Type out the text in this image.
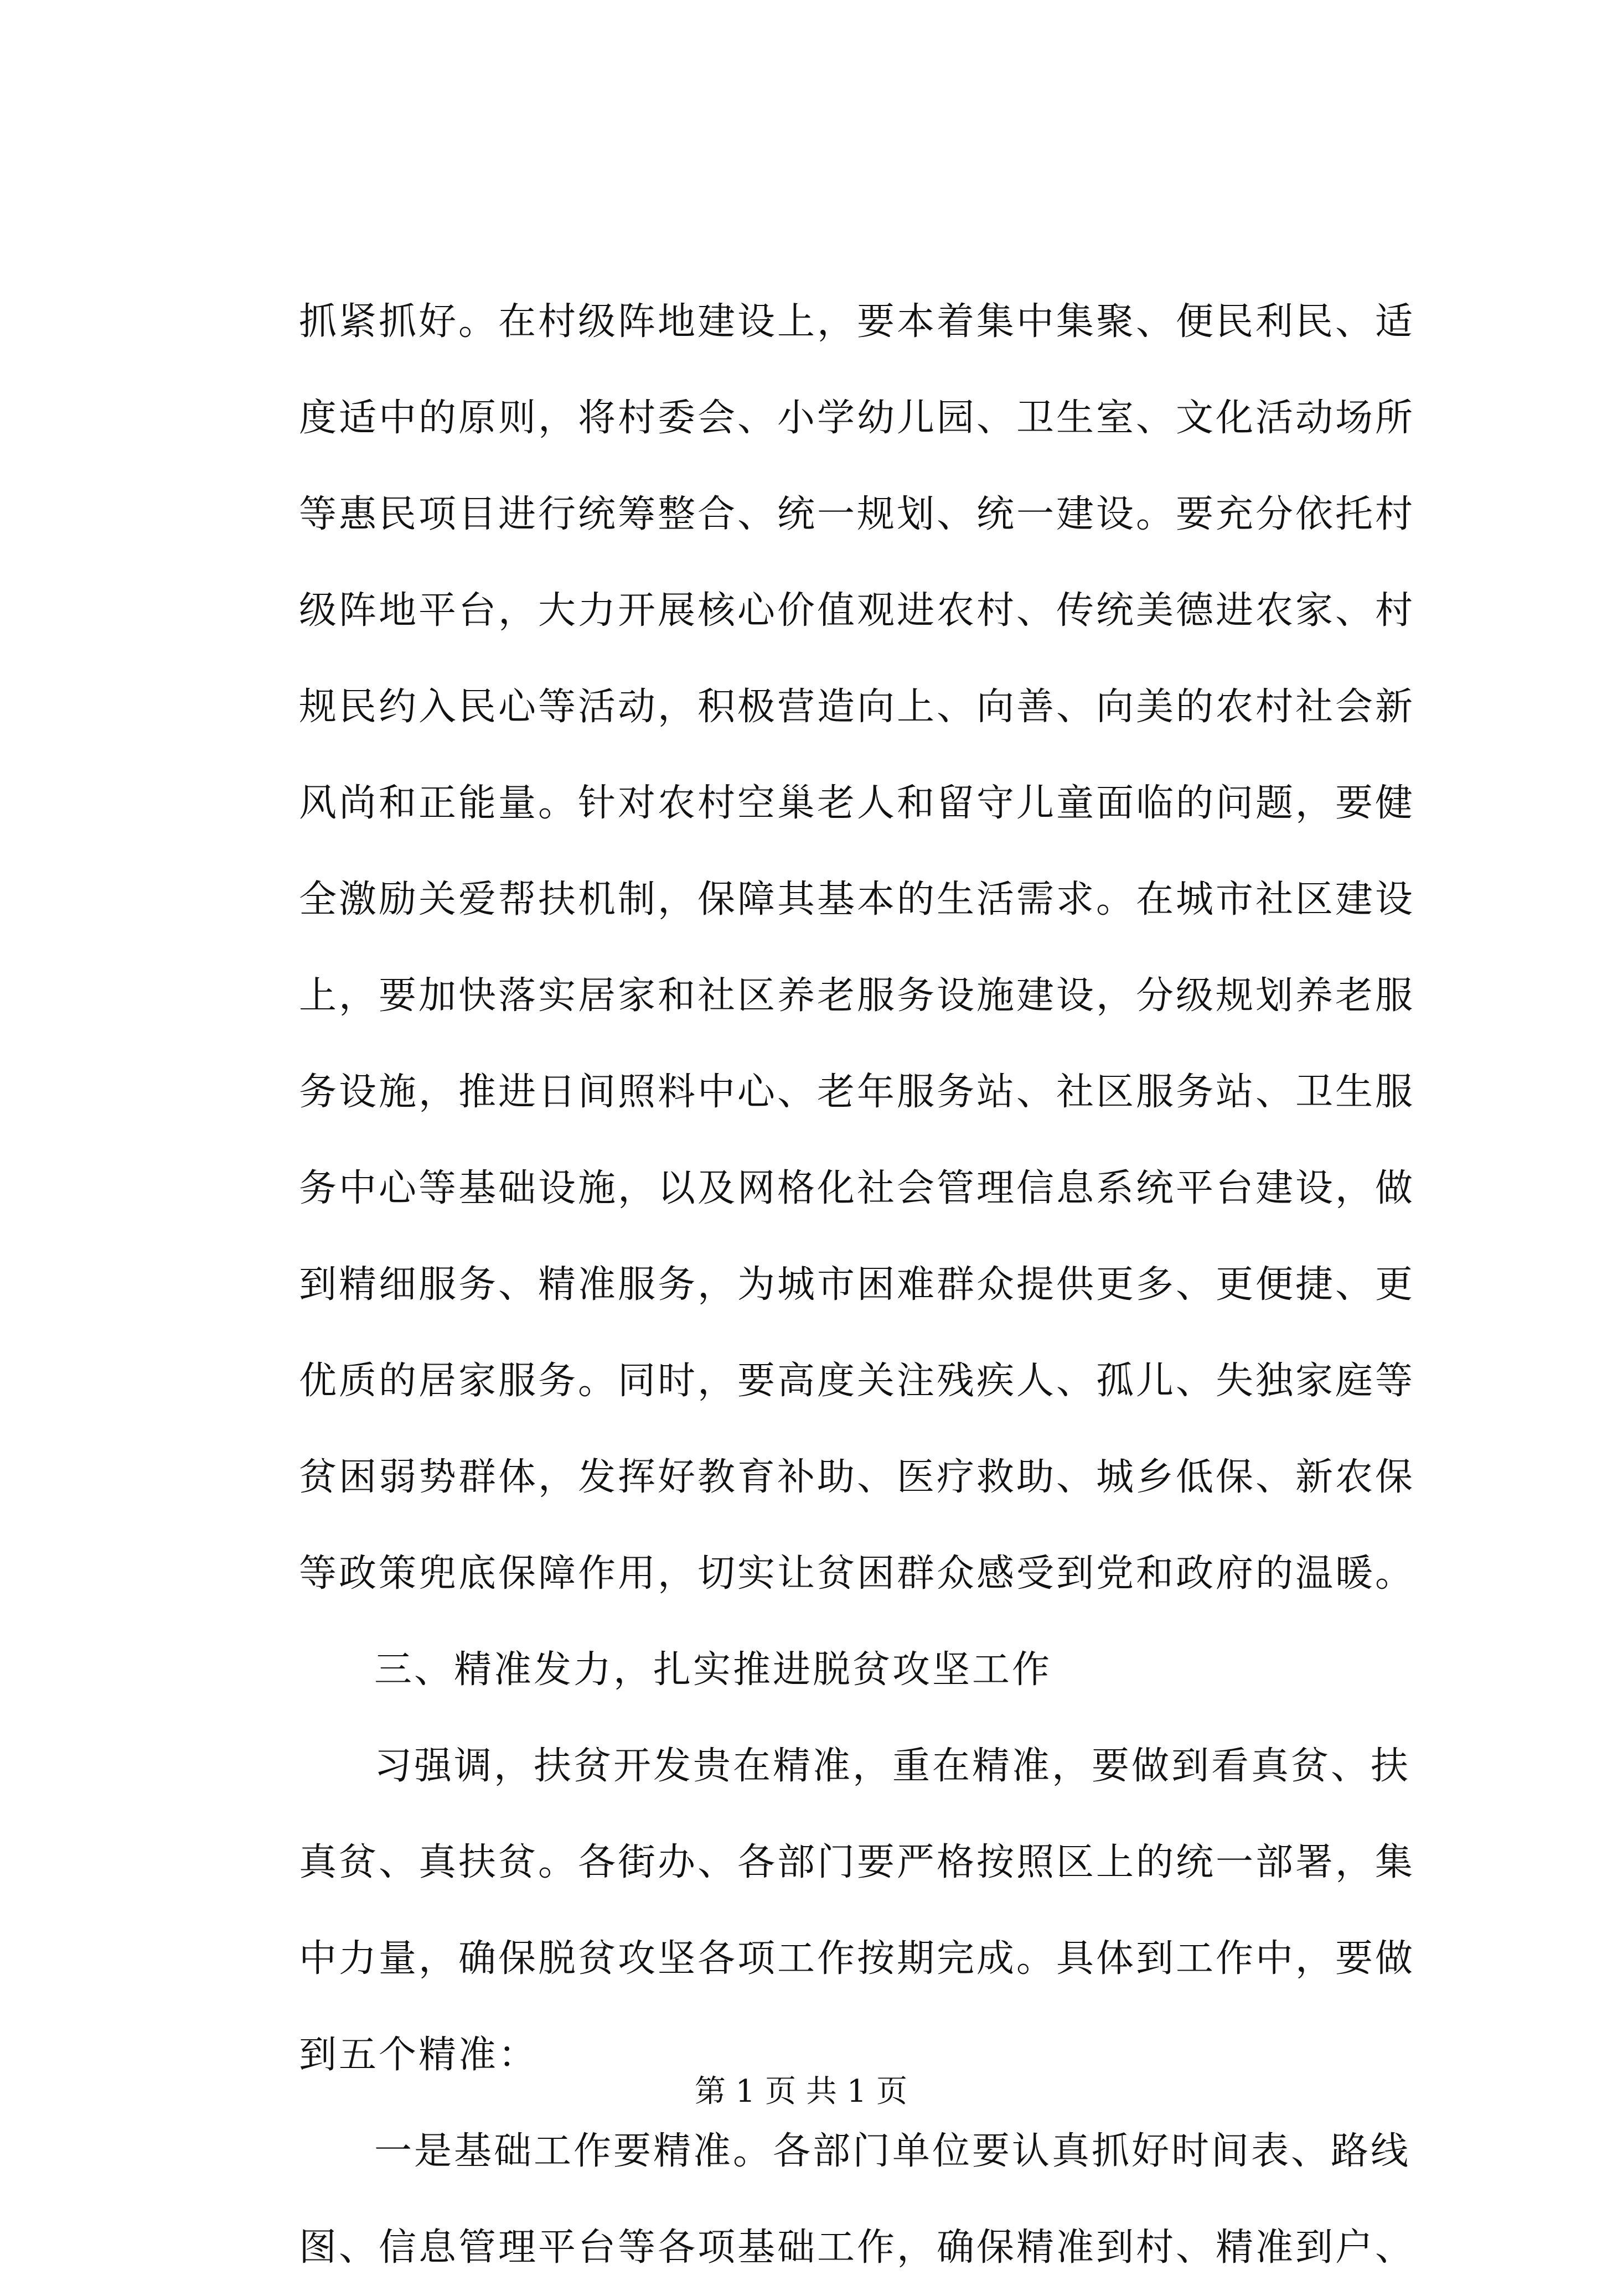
抓紧抓好。在村级阵地建设上，要本着集中集聚、便民利民、适
度适中的原则，将村委会、小学幼儿园、卫生室、文化活动场所
等惠民项目进行统筹整合、统一规划、统一建设。要充分依托村
级阵地平台，大力开展核心价值观进农村、传统美德进农家、村
规民约入民心等活动，积极营造向上、向善、向美的农村社会新
风尚和正能量。针对农村空巢老人和留守儿童面临的问题，要健
全激励关爱帮扶机制，保障其基本的生活需求。在城市社区建设
上，要加快落实居家和社区养老服务设施建设，分级规划养老服
务设施，推进日间照料中心、老年服务站、社区服务站、卫生服
务中心等基础设施，以及网格化社会管理信息系统平台建设，做
到精细服务、精准服务，为城市困难群众提供更多、更便捷、更
优质的居家服务。同时，要高度关注残疾人、孤儿、失独家庭等
贫困弱势群体，发挥好教育补助、医疗救助、城乡低保、新农保
等政策兜底保障作用，切实让贫困群众感受到党和政府的温暖。
三、精准发力，扎实推进脱贫攻坚工作
习强调，扶贫开发贵在精准，重在精准，要做到看真贫、扶
真贫、真扶贫。各街办、各部门要严格按照区上的统一部署，集
中力量，确保脱贫攻坚各项工作按期完成。具体到工作中，要做
到五个精准：
一是基础工作要精准。各部门单位要认真抓好时间表、路线
图、信息管理平台等各项基础工作，确保精准到村、精准到户、
第 1 页 共 1 页
